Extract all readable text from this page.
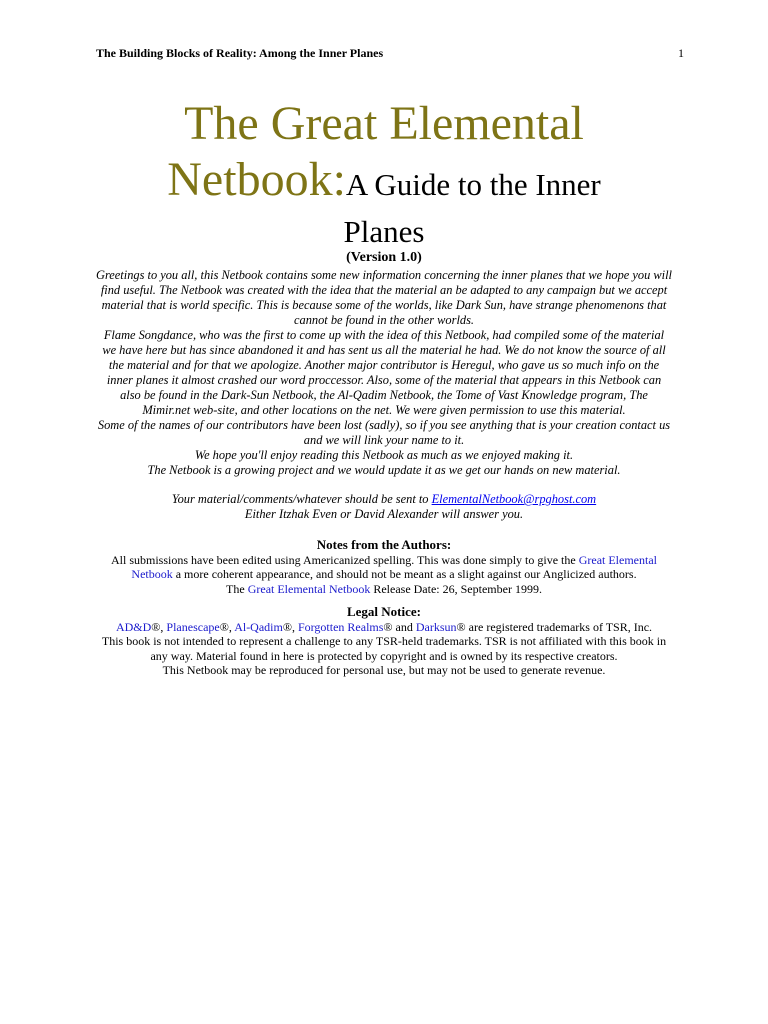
The Building Blocks of Reality: Among the Inner Planes	1
The Great Elemental
Netbook:A Guide to the Inner
Planes
(Version 1.0)

Greetings to you all, this Netbook contains some new information concerning the inner planes that we hope you will find useful. The Netbook was created with the idea that the material an be adapted to any campaign but we accept material that is world specific. This is because some of the worlds, like Dark Sun, have strange phenomenons that cannot be found in the other worlds.

Flame Songdance, who was the first to come up with the idea of this Netbook, had compiled some of the material we have here but has since abandoned it and has sent us all the material he had. We do not know the source of all the material and for that we apologize. Another major contributor is Heregul, who gave us so much info on the inner planes it almost crashed our word proccessor. Also, some of the material that appears in this Netbook can also be found in the Dark-Sun Netbook, the Al-Qadim Netbook, the Tome of Vast Knowledge program, The Mimir.net web-site, and other locations on the net. We were given permission to use this material.

Some of the names of our contributors have been lost (sadly), so if you see anything that is your creation contact us and we will link your name to it.

We hope you'll enjoy reading this Netbook as much as we enjoyed making it.

The Netbook is a growing project and we would update it as we get our hands on new material.

Your material/comments/whatever should be sent to ElementalNetbook@rpghost.com

Either Itzhak Even or David Alexander will answer you.

Notes from the Authors:

All submissions have been edited using Americanized spelling. This was done simply to give the Great Elemental Netbook a more coherent appearance, and should not be meant as a slight against our Anglicized authors.

The Great Elemental Netbook Release Date: 26, September 1999.

Legal Notice:

AD&D®, Planescape®, Al-Qadim®, Forgotten Realms® and Darksun® are registered trademarks of TSR, Inc.

This book is not intended to represent a challenge to any TSR-held trademarks. TSR is not affiliated with this book in any way. Material found in here is protected by copyright and is owned by its respective creators.

This Netbook may be reproduced for personal use, but may not be used to generate revenue.
